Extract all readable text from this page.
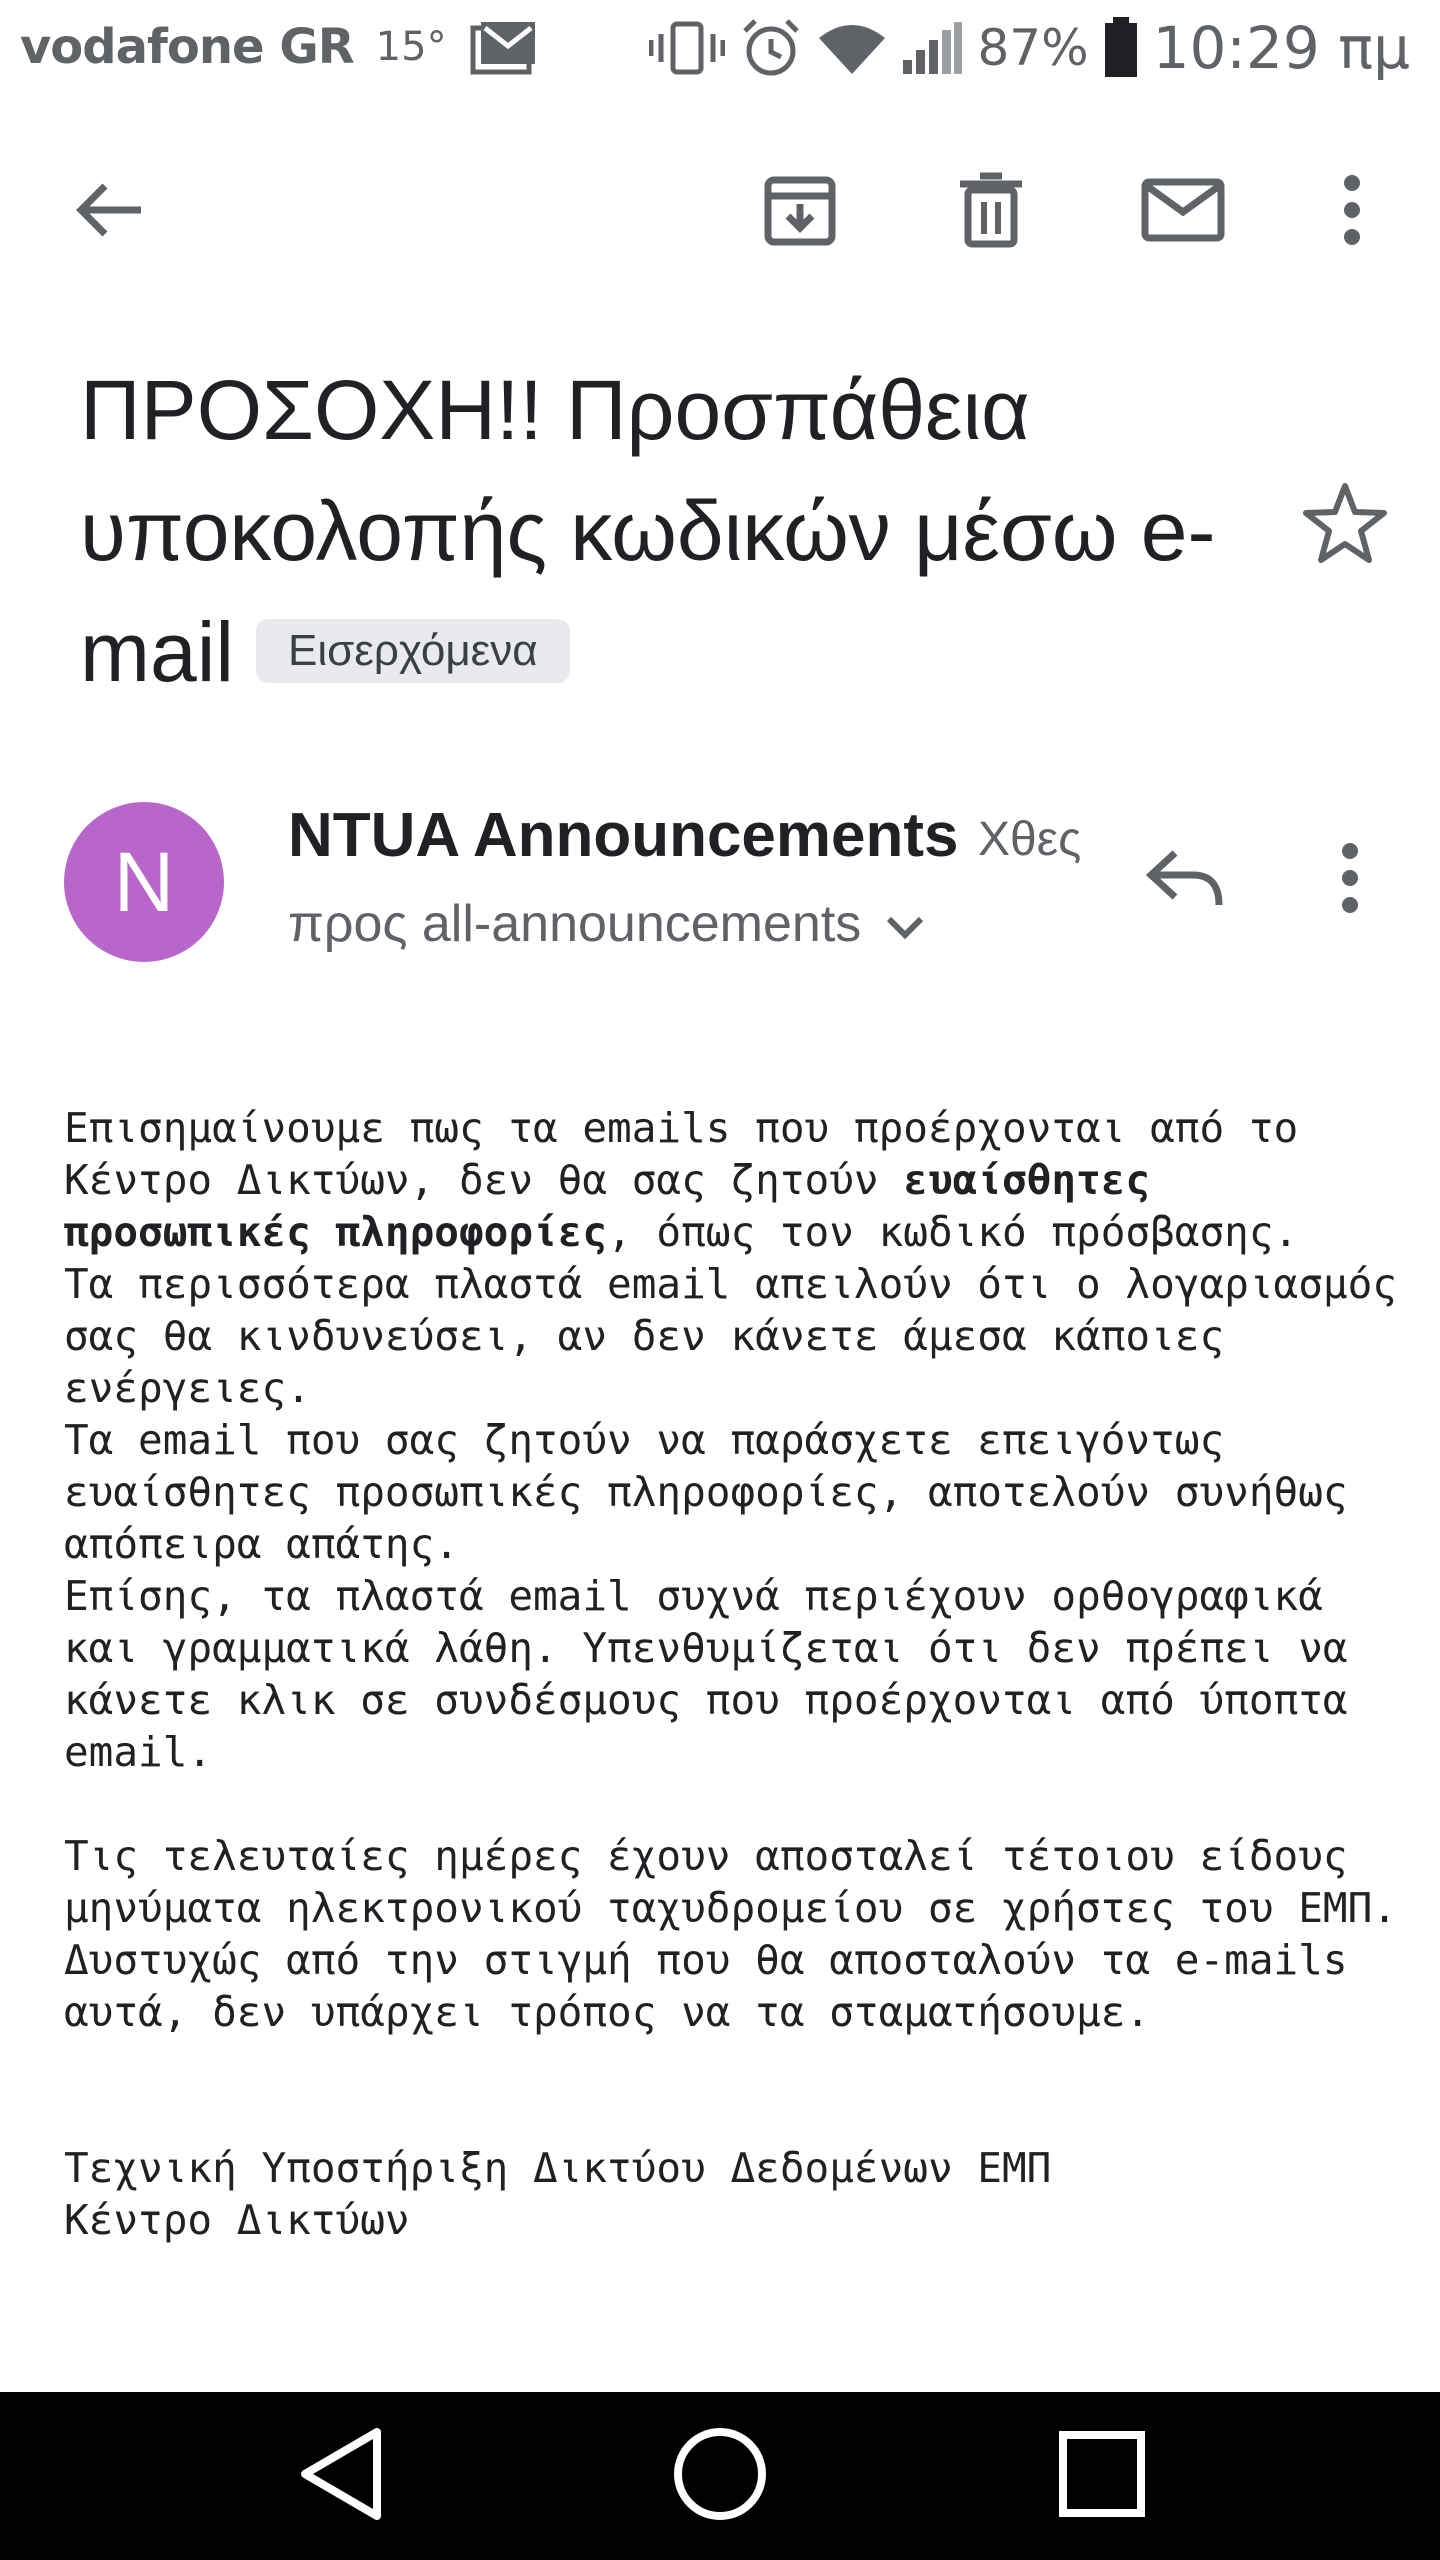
vodafone GR 15°	87% 10:29 πμ
ΠΡΟΣΟΧΗ!! Προσπάθεια υποκολοπής κωδικών μέσω e-mail Εισερχόμενα
N NTUA Announcements Χθες
προς all-announcements
Επισημαίνουμε πως τα emails που προέρχονται από το Κέντρο Δικτύων, δεν θα σας ζητούν ευαίσθητες προσωπικές πληροφορίες, όπως τον κωδικό πρόσβασης.
Τα περισσότερα πλαστά email απειλούν ότι ο λογαριασμός σας θα κινδυνεύσει, αν δεν κάνετε άμεσα κάποιες ενέργειες.
Τα email που σας ζητούν να παράσχετε επειγόντως ευαίσθητες προσωπικές πληροφορίες, αποτελούν συνήθως απόπειρα απάτης.
Επίσης, τα πλαστά email συχνά περιέχουν ορθογραφικά και γραμματικά λάθη. Υπενθυμίζεται ότι δεν πρέπει να κάνετε κλικ σε συνδέσμους που προέρχονται από ύποπτα email.
Τις τελευταίες ημέρες έχουν αποσταλεί τέτοιου είδους μηνύματα ηλεκτρονικού ταχυδρομείου σε χρήστες του ΕΜΠ.
Δυστυχώς από την στιγμή που θα αποσταλούν τα e-mails αυτά, δεν υπάρχει τρόπος να τα σταματήσουμε.
Τεχνική Υποστήριξη Δικτύου Δεδομένων ΕΜΠ
Κέντρο Δικτύων
